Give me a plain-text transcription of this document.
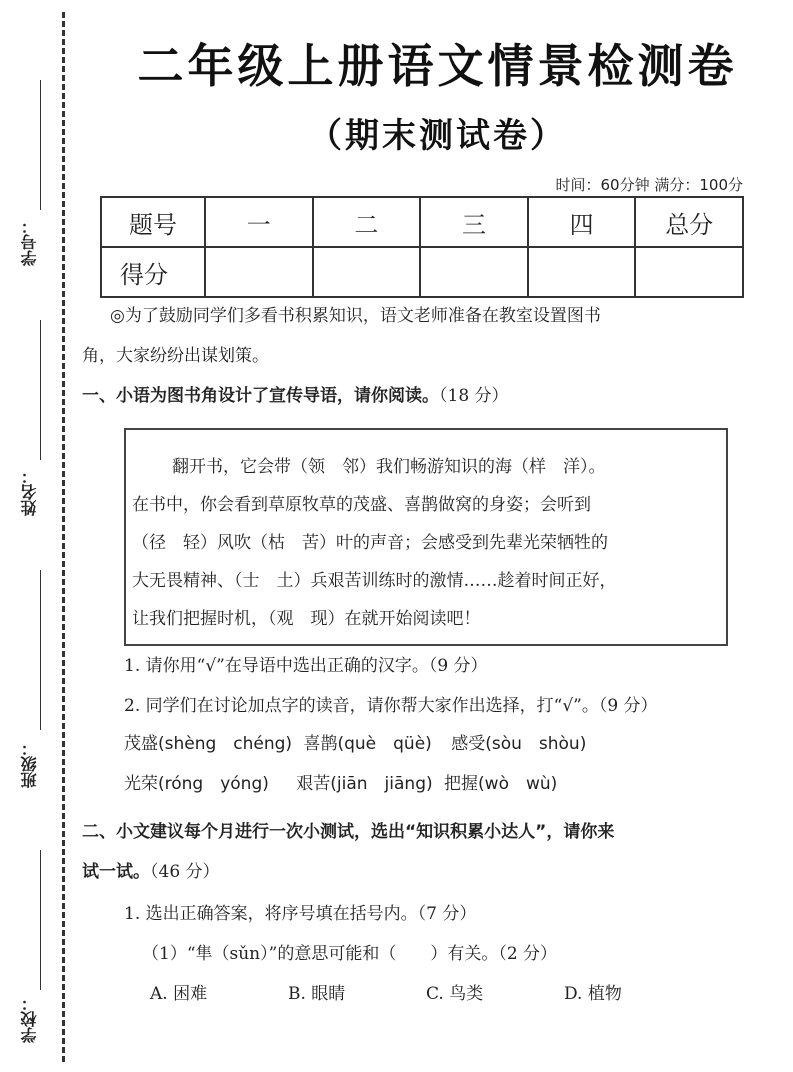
学号：
姓名：
班级：
学校：
二年级上册语文情景检测卷
（期末测试卷）
时间：60分钟 满分：100分
题号	一	二	三	四	总分
得分					
◎为了鼓励同学们多看书积累知识，语文老师准备在教室设置图书
角，大家纷纷出谋划策。
一、小语为图书角设计了宣传导语，请你阅读。（18 分）
翻开书，它会带（领　邻）我们畅游知识的海（样　洋）。
在书中，你会看到草原牧草的茂盛、喜鹊做窝的身姿；会听到
（径　轻）风吹（枯　苦）叶的声音；会感受到先辈光荣牺牲的
大无畏精神、（士　土）兵艰苦训练时的激情……趁着时间正好，
让我们把握时机，（观　现）在就开始阅读吧！
1. 请你用“√”在导语中选出正确的汉字。（9 分）
2. 同学们在讨论加点字的读音，请你帮大家作出选择，打“√”。（9 分）
茂盛(shèng　chéng) 喜鹊(què　qüè) 感受(sòu　shòu)
光荣(róng　yóng) 艰苦(jiān　jiāng) 把握(wò　wù)
二、小文建议每个月进行一次小测试，选出“知识积累小达人”，请你来
试一试。（46 分）
1. 选出正确答案，将序号填在括号内。（7 分）
（1）“隼（sǔn）”的意思可能和（　　）有关。（2 分）
A. 困难	B. 眼睛	C. 鸟类	D. 植物
